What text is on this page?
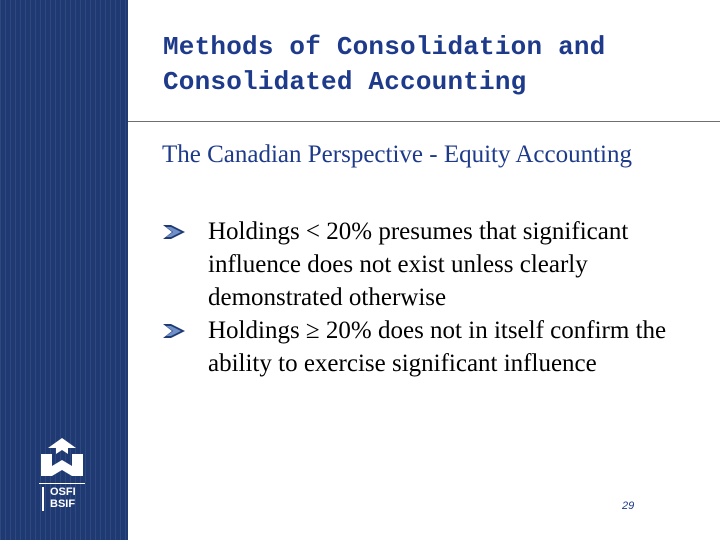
OSFI
BSIF
Methods of Consolidation and Consolidated Accounting
The Canadian Perspective - Equity Accounting
Holdings < 20% presumes that significant influence does not exist unless clearly demonstrated otherwise
Holdings ≥ 20% does not in itself confirm the ability to exercise significant influence
29
